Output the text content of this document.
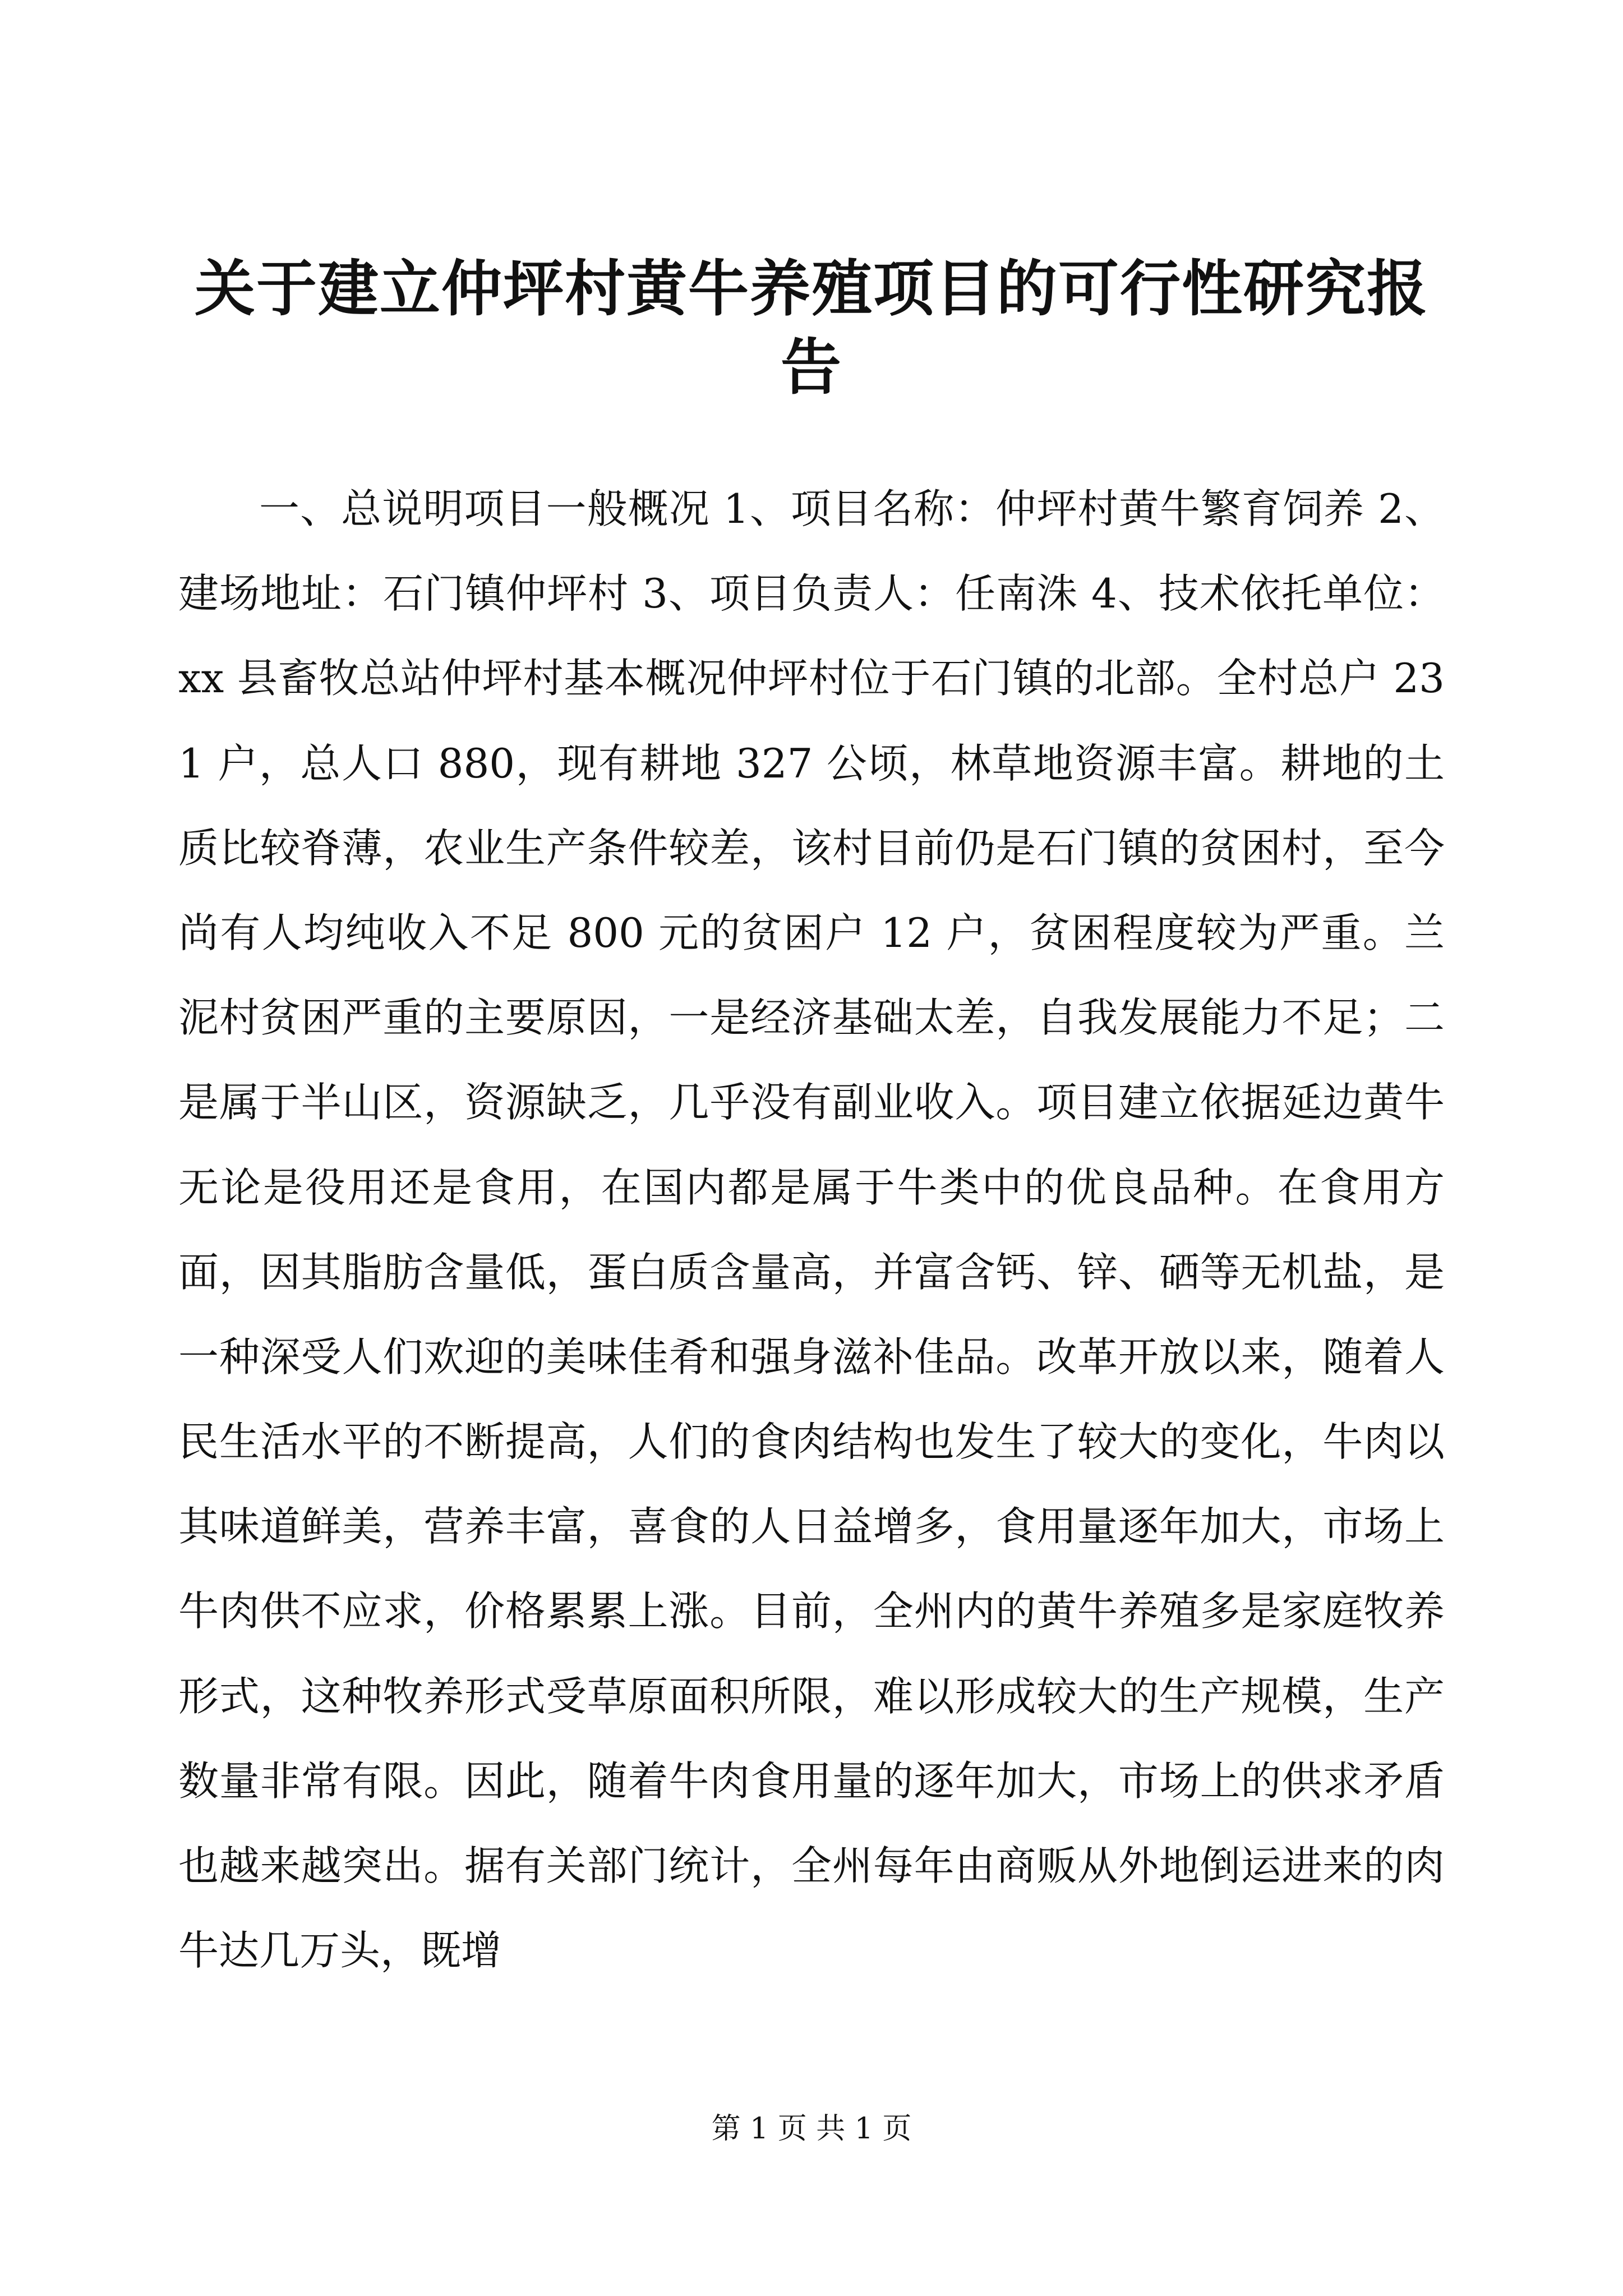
关于建立仲坪村黄牛养殖项目的可行性研究报
告

一、总说明项目一般概况 1、项目名称：仲坪村黄牛繁育饲养 2、建场地址：石门镇仲坪村 3、项目负责人：任南洙 4、技术依托单位：xx 县畜牧总站仲坪村基本概况仲坪村位于石门镇的北部。全村总户 231 户，总人口 880，现有耕地 327 公顷，林草地资源丰富。耕地的土质比较脊薄，农业生产条件较差，该村目前仍是石门镇的贫困村，至今尚有人均纯收入不足 800 元的贫困户 12 户，贫困程度较为严重。兰泥村贫困严重的主要原因，一是经济基础太差，自我发展能力不足；二是属于半山区，资源缺乏，几乎没有副业收入。项目建立依据延边黄牛无论是役用还是食用，在国内都是属于牛类中的优良品种。在食用方面，因其脂肪含量低，蛋白质含量高，并富含钙、锌、硒等无机盐，是一种深受人们欢迎的美味佳肴和强身滋补佳品。改革开放以来，随着人民生活水平的不断提高，人们的食肉结构也发生了较大的变化，牛肉以其味道鲜美，营养丰富，喜食的人日益增多，食用量逐年加大，市场上牛肉供不应求，价格累累上涨。目前，全州内的黄牛养殖多是家庭牧养形式，这种牧养形式受草原面积所限，难以形成较大的生产规模，生产数量非常有限。因此，随着牛肉食用量的逐年加大，市场上的供求矛盾也越来越突出。据有关部门统计，全州每年由商贩从外地倒运进来的肉牛达几万头，既增

第 1 页 共 1 页
